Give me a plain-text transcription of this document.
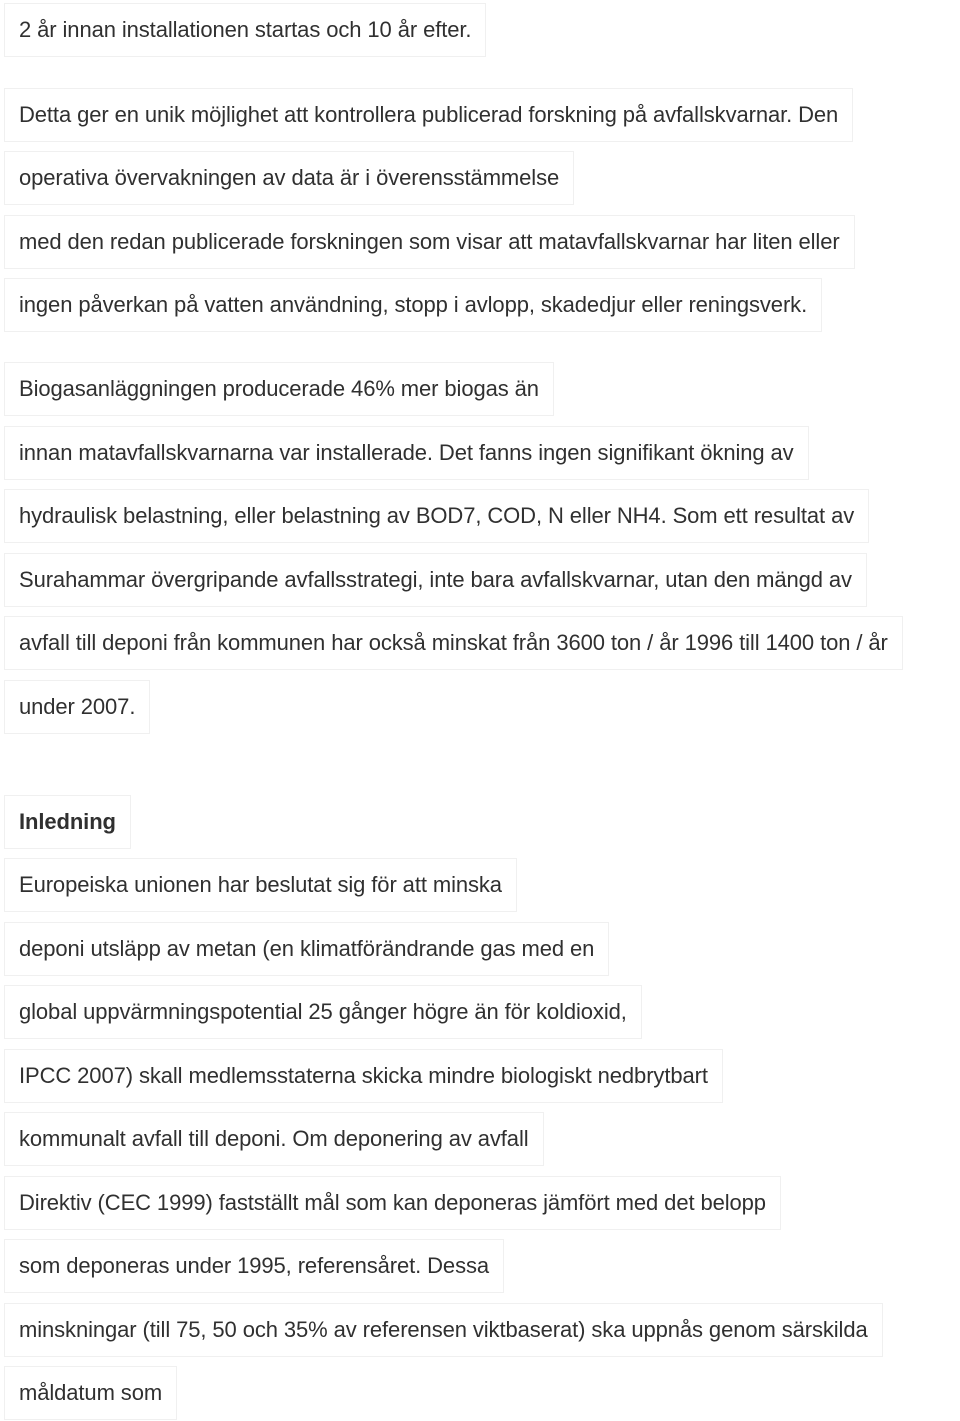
2 år innan installationen startas och 10 år efter.
Detta ger en unik möjlighet att kontrollera publicerad forskning på avfallskvarnar. Den
operativa övervakningen av data är i överensstämmelse
med den redan publicerade forskningen som visar att matavfallskvarnar har liten eller
ingen påverkan på vatten användning, stopp i avlopp, skadedjur eller reningsverk.
Biogasanläggningen producerade 46% mer biogas än
innan matavfallskvarnarna var installerade. Det fanns ingen signifikant ökning av
hydraulisk belastning, eller belastning av BOD7, COD, N eller NH4. Som ett resultat av
Surahammar övergripande avfallsstrategi, inte bara avfallskvarnar, utan den mängd av
avfall till deponi från kommunen har också minskat från 3600 ton / år 1996 till 1400 ton / år
under 2007.
Inledning
Europeiska unionen har beslutat sig för att minska
deponi utsläpp av metan (en klimatförändrande gas med en
global uppvärmningspotential 25 gånger högre än för koldioxid,
IPCC 2007) skall medlemsstaterna skicka mindre biologiskt nedbrytbart
kommunalt avfall till deponi. Om deponering av avfall
Direktiv (CEC 1999) fastställt mål som kan deponeras jämfört med det belopp
som deponeras under 1995, referensåret. Dessa
minskningar (till 75, 50 och 35% av referensen viktbaserat) ska uppnås genom särskilda
måldatum som
